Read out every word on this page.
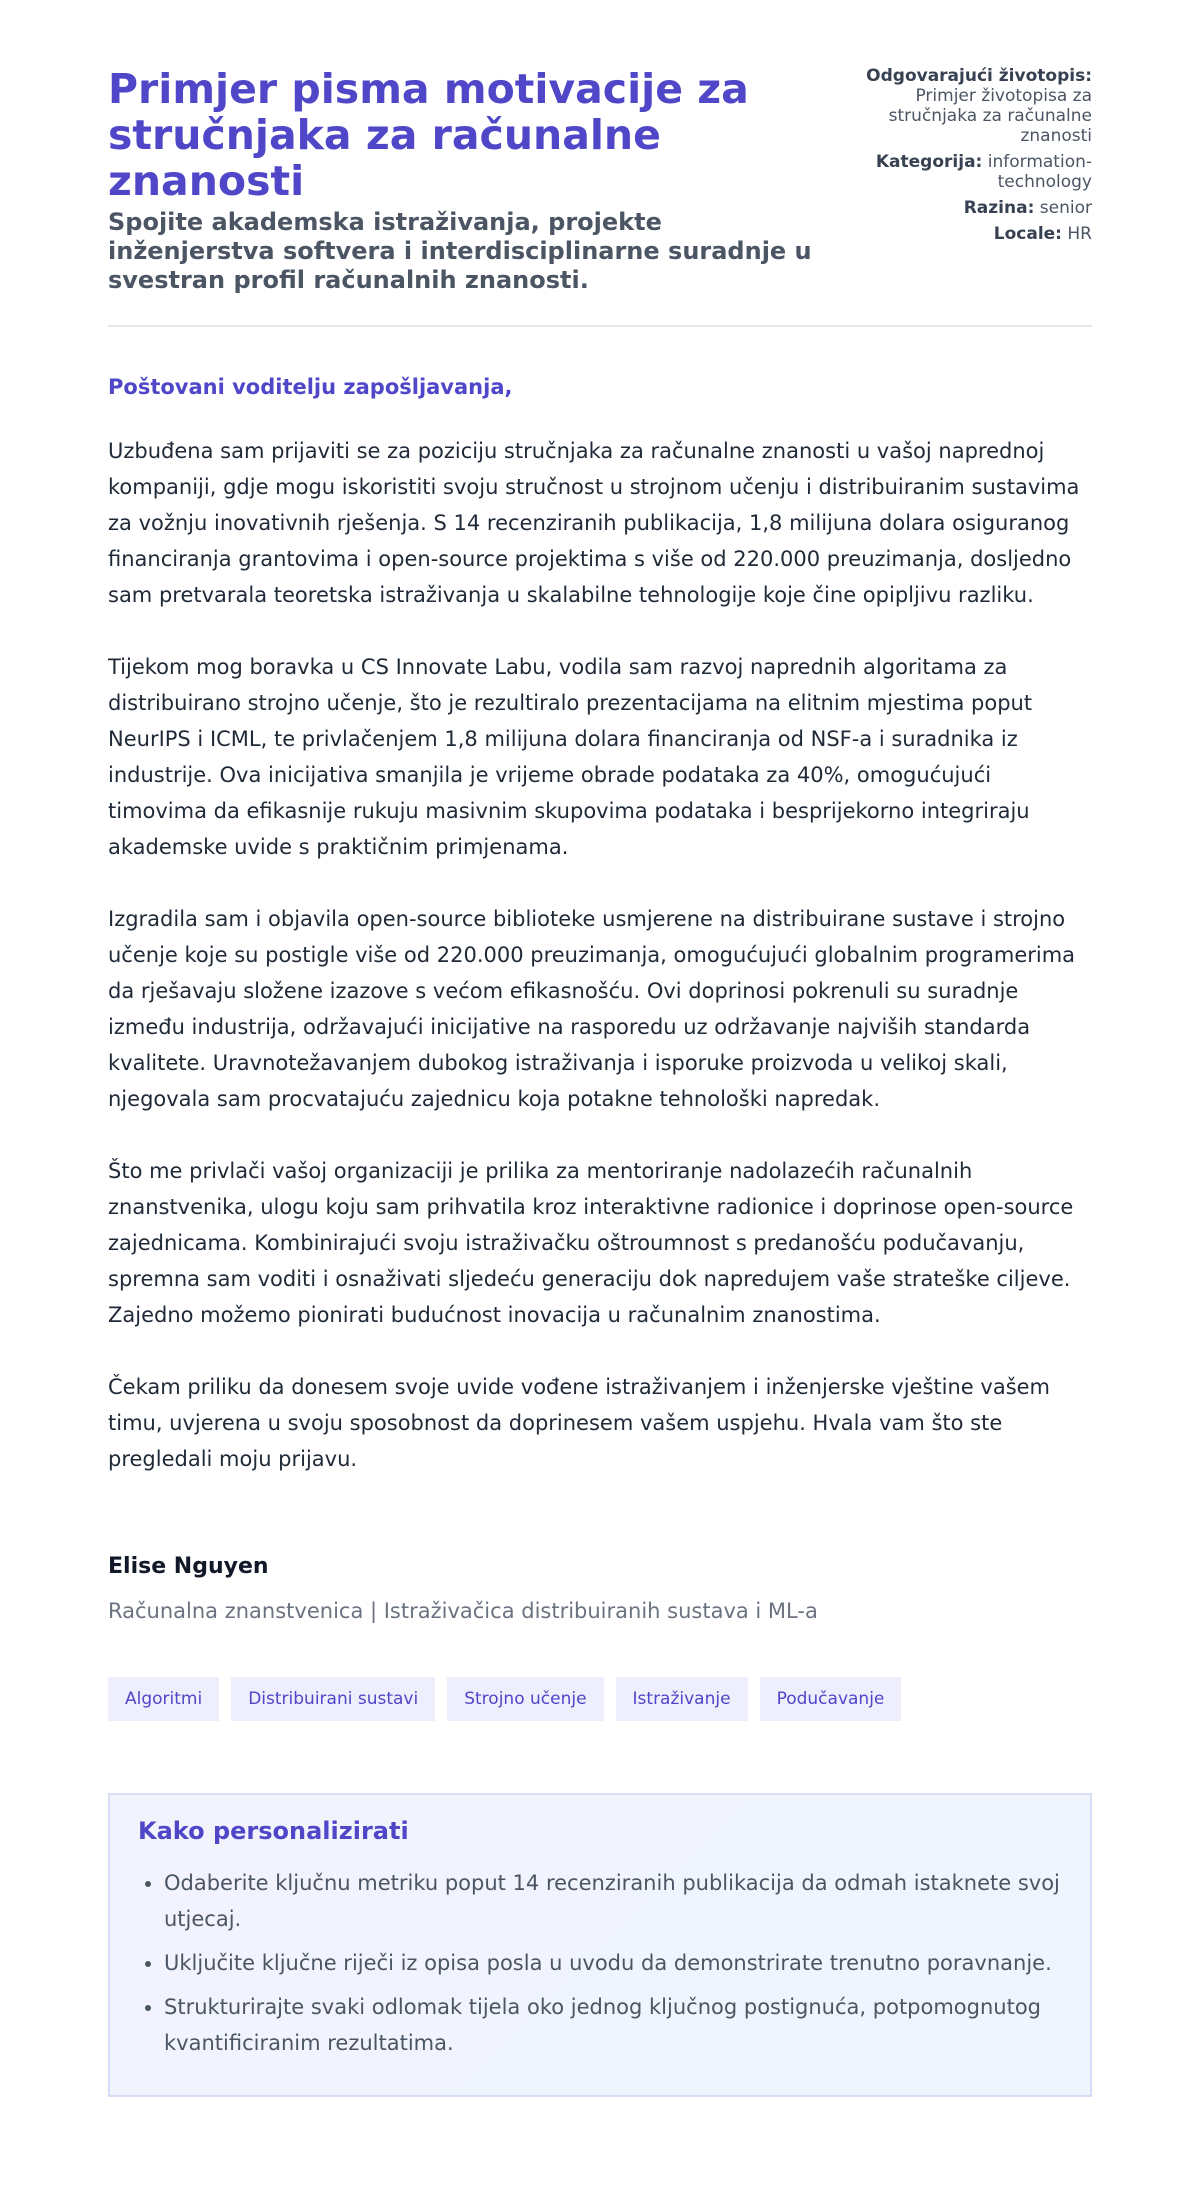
Primjer pisma motivacije za stručnjaka za računalne znanosti
Spojite akademska istraživanja, projekte inženjerstva softvera i interdisciplinarne suradnje u svestran profil računalnih znanosti.
Odgovarajući životopis: Primjer životopisa za stručnjaka za računalne znanosti
Kategorija: information-technology
Razina: senior
Locale: HR

Poštovani voditelju zapošljavanja,

Uzbuđena sam prijaviti se za poziciju stručnjaka za računalne znanosti u vašoj naprednoj kompaniji, gdje mogu iskoristiti svoju stručnost u strojnom učenju i distribuiranim sustavima za vožnju inovativnih rješenja. S 14 recenziranih publikacija, 1,8 milijuna dolara osiguranog financiranja grantovima i open-source projektima s više od 220.000 preuzimanja, dosljedno sam pretvarala teoretska istraživanja u skalabilne tehnologije koje čine opipljivu razliku.

Tijekom mog boravka u CS Innovate Labu, vodila sam razvoj naprednih algoritama za distribuirano strojno učenje, što je rezultiralo prezentacijama na elitnim mjestima poput NeurIPS i ICML, te privlačenjem 1,8 milijuna dolara financiranja od NSF-a i suradnika iz industrije. Ova inicijativa smanjila je vrijeme obrade podataka za 40%, omogućujući timovima da efikasnije rukuju masivnim skupovima podataka i besprijekorno integriraju akademske uvide s praktičnim primjenama.

Izgradila sam i objavila open-source biblioteke usmjerene na distribuirane sustave i strojno učenje koje su postigle više od 220.000 preuzimanja, omogućujući globalnim programerima da rješavaju složene izazove s većom efikasnošću. Ovi doprinosi pokrenuli su suradnje između industrija, održavajući inicijative na rasporedu uz održavanje najviših standarda kvalitete. Uravnotežavanjem dubokog istraživanja i isporuke proizvoda u velikoj skali, njegovala sam procvatajuću zajednicu koja potakne tehnološki napredak.

Što me privlači vašoj organizaciji je prilika za mentoriranje nadolazećih računalnih znanstvenika, ulogu koju sam prihvatila kroz interaktivne radionice i doprinose open-source zajednicama. Kombinirajući svoju istraživačku oštroumnost s predanošću podučavanju, spremna sam voditi i osnaživati sljedeću generaciju dok napredujem vaše strateške ciljeve. Zajedno možemo pionirati budućnost inovacija u računalnim znanostima.

Čekam priliku da donesem svoje uvide vođene istraživanjem i inženjerske vještine vašem timu, uvjerena u svoju sposobnost da doprinesem vašem uspjehu. Hvala vam što ste pregledali moju prijavu.

Elise Nguyen
Računalna znanstvenica | Istraživačica distribuiranih sustava i ML-a
Algoritmi	Distribuirani sustavi	Strojno učenje	Istraživanje	Podučavanje
Kako personalizirati
• Odaberite ključnu metriku poput 14 recenziranih publikacija da odmah istaknete svoj utjecaj.
• Uključite ključne riječi iz opisa posla u uvodu da demonstrirate trenutno poravnanje.
• Strukturirajte svaki odlomak tijela oko jednog ključnog postignuća, potpomognutog kvantificiranim rezultatima.
